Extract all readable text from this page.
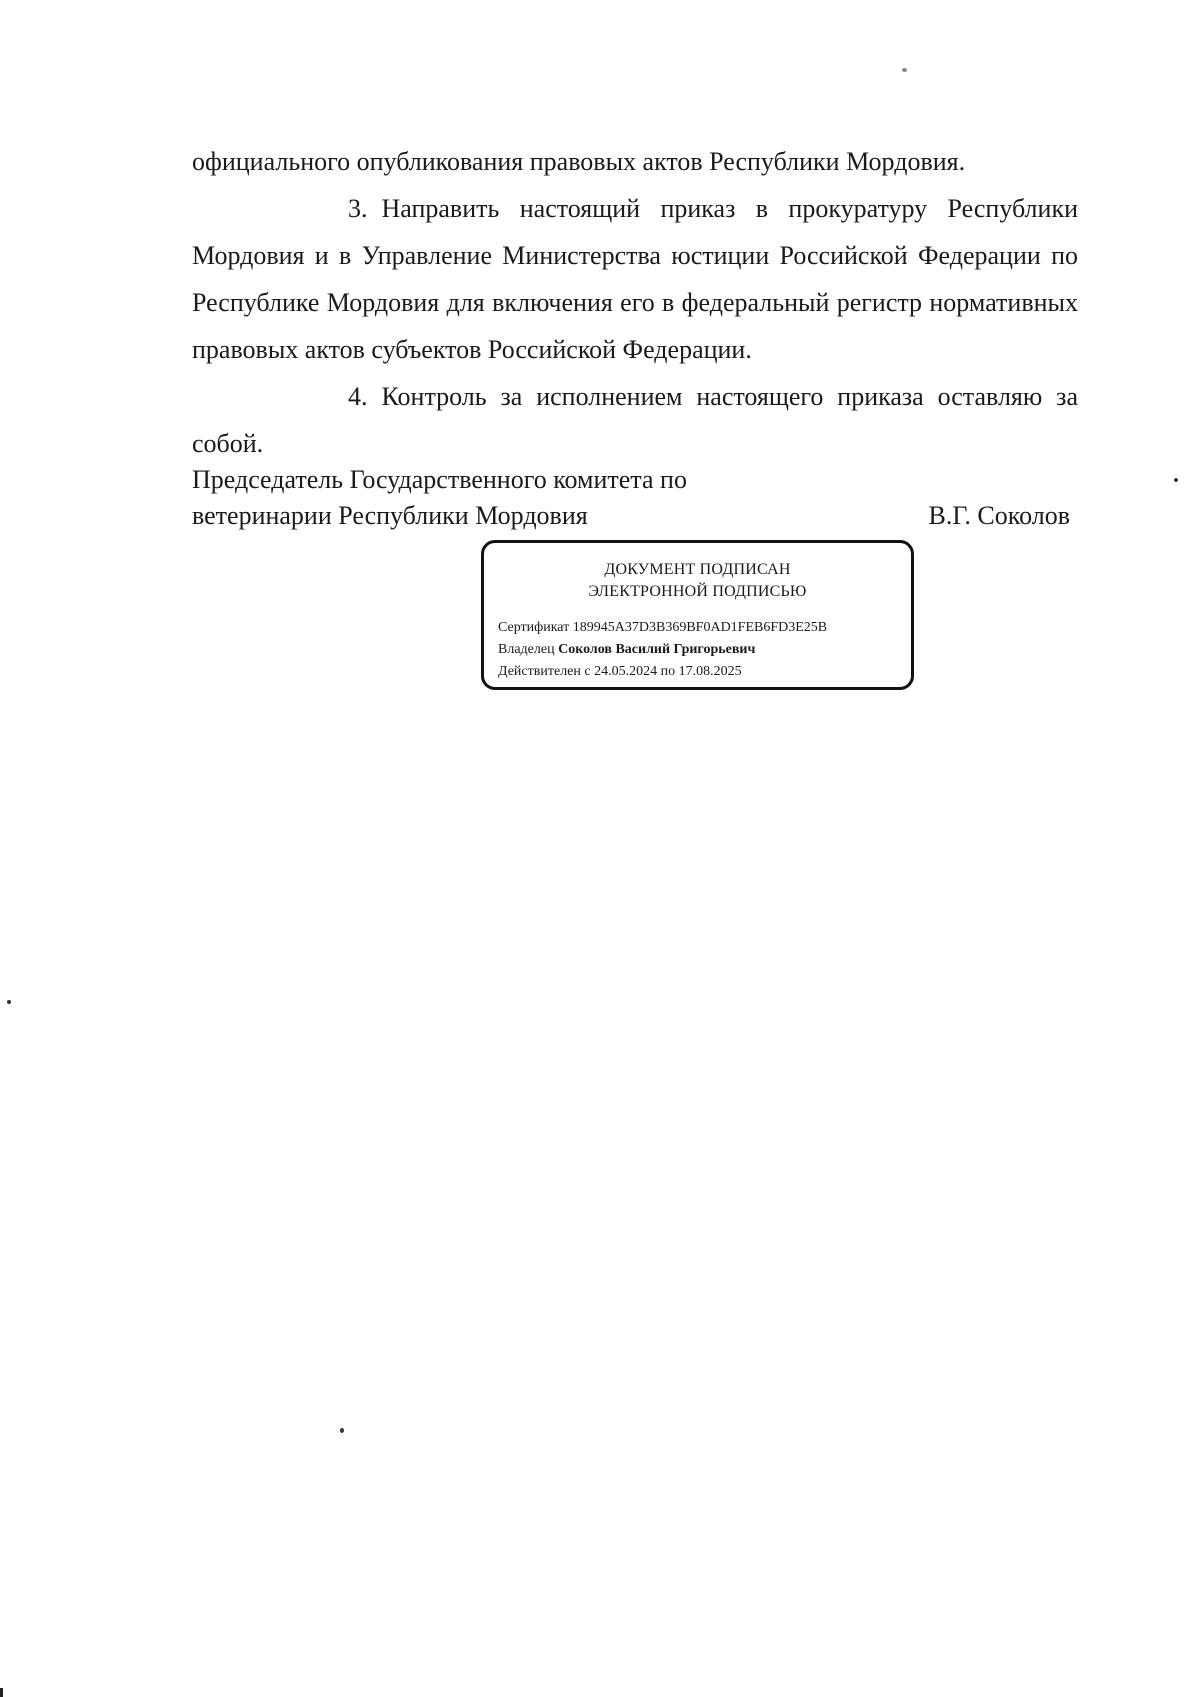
официального опубликования правовых актов Республики Мордовия.

3. Направить настоящий приказ в прокуратуру Республики Мордовия и в Управление Министерства юстиции Российской Федерации по Республике Мордовия для включения его в федеральный регистр нормативных правовых актов субъектов Российской Федерации.

4. Контроль за исполнением настоящего приказа оставляю за собой.

Председатель Государственного комитета по
ветеринарии Республики Мордовия	В.Г. Соколов
ДОКУМЕНТ ПОДПИСАН
ЭЛЕКТРОННОЙ ПОДПИСЬЮ
Сертификат 189945A37D3B369BF0AD1FEB6FD3E25B
Владелец Соколов Василий Григорьевич
Действителен с 24.05.2024 по 17.08.2025
